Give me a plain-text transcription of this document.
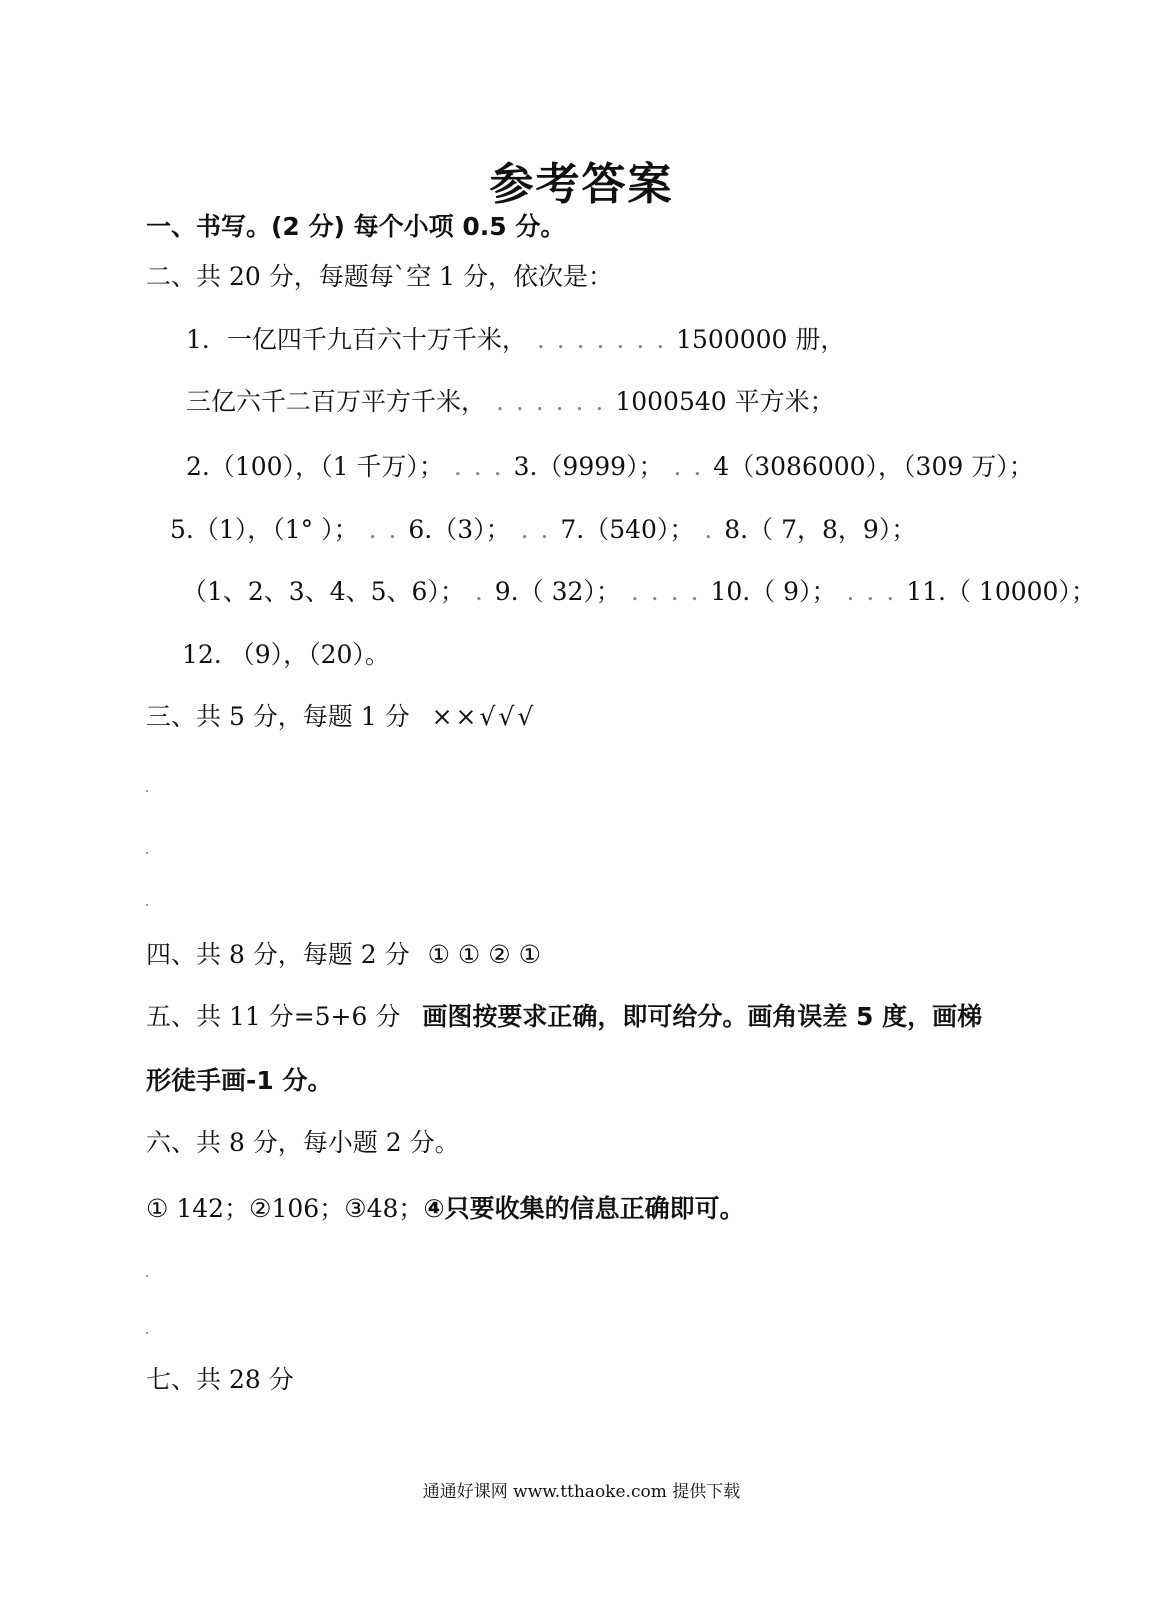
参考答案
一、书写。(2 分) 每个小项 0.5 分。
二、共 20 分，每题每`空 1 分，依次是：
1．一亿四千九百六十万千米， . . . . . . . 1500000 册，
三亿六千二百万平方千米， . . . . . . 1000540 平方米；
2.（100），（1 千万）； . . . 3.（9999）； . . 4（3086000），（309 万）；
5.（1），（1° ）； . . 6.（3）； . . 7.（540）； . 8.（ 7，8，9）；
（1、2、3、4、5、6）； . 9.（ 32）； . . . . 10.（ 9）； . . . 11.（ 10000）；
12. （9），（20）。
三、共 5 分，每题 1 分 ××√√√
四、共 8 分，每题 2 分 ① ① ② ①
五、共 11 分=5+6 分 画图按要求正确，即可给分。画角误差 5 度，画梯
形徒手画-1 分。
六、共 8 分，每小题 2 分。
① 142；②106；③48；④只要收集的信息正确即可。
七、共 28 分
通通好课网 www.tthaoke.com 提供下载
